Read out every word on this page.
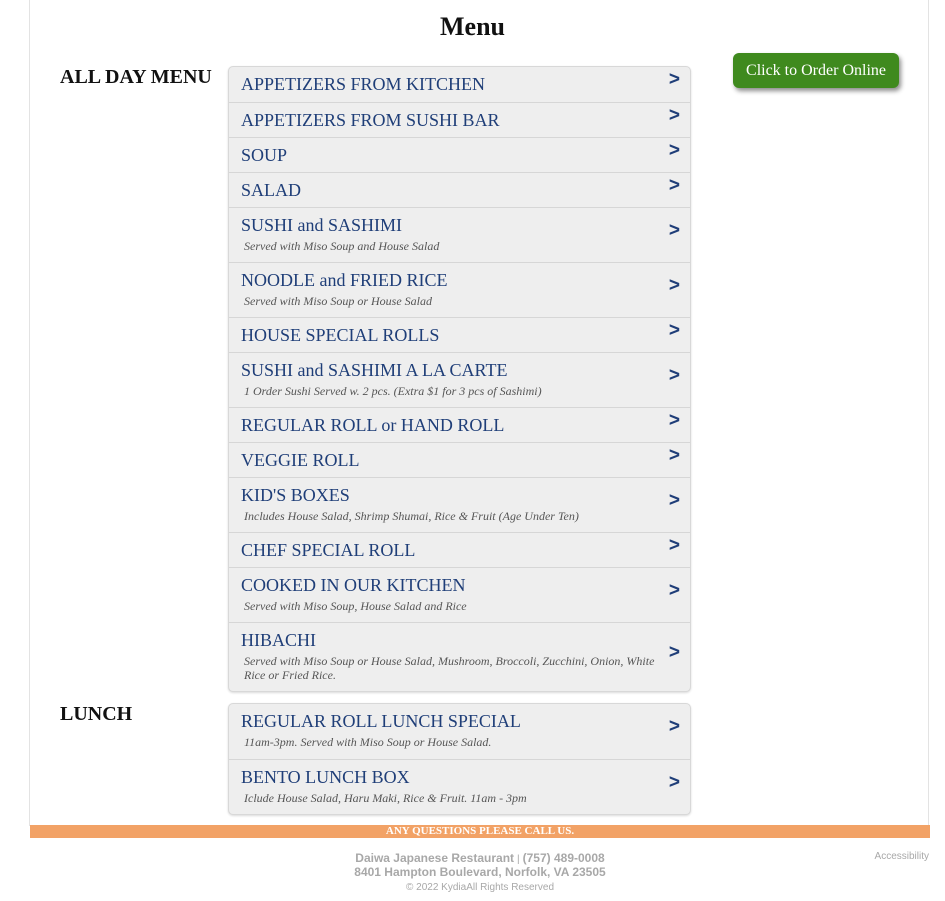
Menu
Click to Order Online
ALL DAY MENU APPETIZERS FROM KITCHEN	>
APPETIZERS FROM SUSHI BAR	>
SOUP	>
SALAD	>
SUSHI and SASHIMI
Served with Miso Soup and House Salad
>
NOODLE and FRIED RICE
Served with Miso Soup or House Salad
>
HOUSE SPECIAL ROLLS	>
SUSHI and SASHIMI A LA CARTE
1 Order Sushi Served w. 2 pcs. (Extra $1 for 3 pcs of Sashimi)
>
REGULAR ROLL or HAND ROLL	>
VEGGIE ROLL	>
KID'S BOXES
Includes House Salad, Shrimp Shumai, Rice & Fruit (Age Under Ten)
>
CHEF SPECIAL ROLL	>
COOKED IN OUR KITCHEN
Served with Miso Soup, House Salad and Rice
>
HIBACHI
Served with Miso Soup or House Salad, Mushroom, Broccoli, Zucchini, Onion, White Rice or Fried Rice.
>
LUNCH	REGULAR ROLL LUNCH SPECIAL
11am-3pm. Served with Miso Soup or House Salad.
>
BENTO LUNCH BOX
Iclude House Salad, Haru Maki, Rice & Fruit. 11am - 3pm
>
ANY QUESTIONS PLEASE CALL US.
Daiwa Japanese Restaurant | (757) 489-0008
8401 Hampton Boulevard, Norfolk, VA 23505
© 2022 KydiaAll Rights Reserved
Accessibility
